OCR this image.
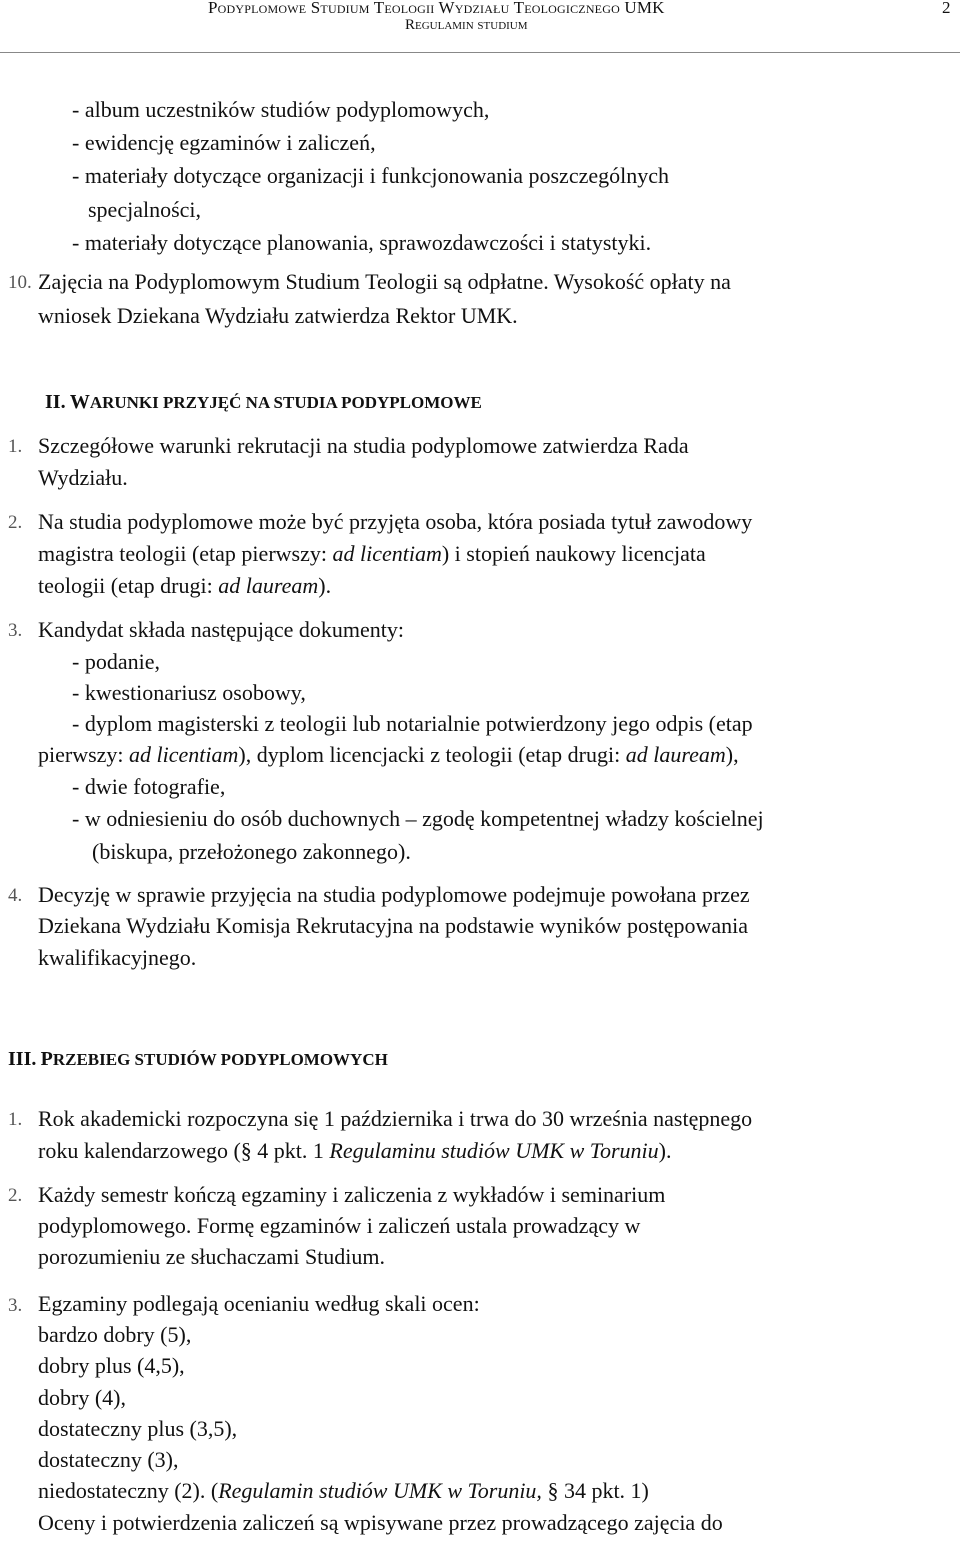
Podyplomowe Studium Teologii Wydziału Teologicznego UMK
Regulamin studium
2
- album uczestników studiów podyplomowych,
- ewidencję egzaminów i zaliczeń,
- materiały dotyczące organizacji i funkcjonowania poszczególnych
specjalności,
- materiały dotyczące planowania, sprawozdawczości i statystyki.
10. Zajęcia na Podyplomowym Studium Teologii są odpłatne. Wysokość opłaty na
wniosek Dziekana Wydziału zatwierdza Rektor UMK.
II. WARUNKI PRZYJĘĆ NA STUDIA PODYPLOMOWE
1. Szczegółowe warunki rekrutacji na studia podyplomowe zatwierdza Rada
Wydziału.
2. Na studia podyplomowe może być przyjęta osoba, która posiada tytuł zawodowy
magistra teologii (etap pierwszy: ad licentiam) i stopień naukowy licencjata
teologii (etap drugi: ad lauream).
3. Kandydat składa następujące dokumenty:
- podanie,
- kwestionariusz osobowy,
- dyplom magisterski z teologii lub notarialnie potwierdzony jego odpis (etap
pierwszy: ad licentiam), dyplom licencjacki z teologii (etap drugi: ad lauream),
- dwie fotografie,
- w odniesieniu do osób duchownych – zgodę kompetentnej władzy kościelnej
(biskupa, przełożonego zakonnego).
4. Decyzję w sprawie przyjęcia na studia podyplomowe podejmuje powołana przez
Dziekana Wydziału Komisja Rekrutacyjna na podstawie wyników postępowania
kwalifikacyjnego.
III. PRZEBIEG STUDIÓW PODYPLOMOWYCH
1. Rok akademicki rozpoczyna się 1 października i trwa do 30 września następnego
roku kalendarzowego (§ 4 pkt. 1 Regulaminu studiów UMK w Toruniu).
2. Każdy semestr kończą egzaminy i zaliczenia z wykładów i seminarium
podyplomowego. Formę egzaminów i zaliczeń ustala prowadzący w
porozumieniu ze słuchaczami Studium.
3. Egzaminy podlegają ocenianiu według skali ocen:
bardzo dobry (5),
dobry plus (4,5),
dobry (4),
dostateczny plus (3,5),
dostateczny (3),
niedostateczny (2). (Regulamin studiów UMK w Toruniu, § 34 pkt. 1)
Oceny i potwierdzenia zaliczeń są wpisywane przez prowadzącego zajęcia do
